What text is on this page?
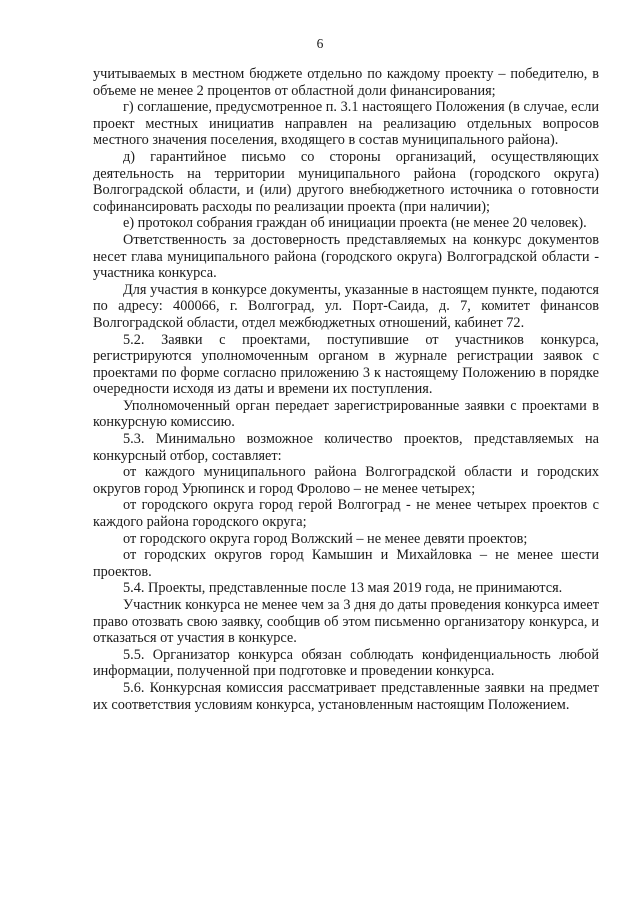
6

учитываемых в местном бюджете отдельно по каждому проекту – победителю, в объеме не менее 2 процентов от областной доли финансирования;

г) соглашение, предусмотренное п. 3.1 настоящего Положения (в случае, если проект местных инициатив направлен на реализацию отдельных вопросов местного значения поселения, входящего в состав муниципального района).

д) гарантийное письмо со стороны организаций, осуществляющих деятельность на территории муниципального района (городского округа) Волгоградской области, и (или) другого внебюджетного источника о готовности софинансировать расходы по реализации проекта (при наличии);

е) протокол собрания граждан об инициации проекта (не менее 20 человек).

Ответственность за достоверность представляемых на конкурс документов несет глава муниципального района (городского округа) Волгоградской области - участника конкурса.

Для участия в конкурсе документы, указанные в настоящем пункте, подаются по адресу: 400066, г. Волгоград, ул. Порт-Саида, д. 7, комитет финансов Волгоградской области, отдел межбюджетных отношений, кабинет 72.

5.2. Заявки с проектами, поступившие от участников конкурса, регистрируются уполномоченным органом в журнале регистрации заявок с проектами по форме согласно приложению 3 к настоящему Положению в порядке очередности исходя из даты и времени их поступления.

Уполномоченный орган передает зарегистрированные заявки с проектами в конкурсную комиссию.

5.3. Минимально возможное количество проектов, представляемых на конкурсный отбор, составляет:

от каждого муниципального района Волгоградской области и городских округов город Урюпинск и город Фролово – не менее четырех;

от городского округа город герой Волгоград - не менее четырех проектов с каждого района городского округа;

от городского округа город Волжский – не менее девяти проектов;

от городских округов город Камышин и Михайловка – не менее шести проектов.

5.4. Проекты, представленные после 13 мая 2019 года, не принимаются.

Участник конкурса не менее чем за 3 дня до даты проведения конкурса имеет право отозвать свою заявку, сообщив об этом письменно организатору конкурса, и отказаться от участия в конкурсе.

5.5. Организатор конкурса обязан соблюдать конфиденциальность любой информации, полученной при подготовке и проведении конкурса.

5.6. Конкурсная комиссия рассматривает представленные заявки на предмет их соответствия условиям конкурса, установленным настоящим Положением.
